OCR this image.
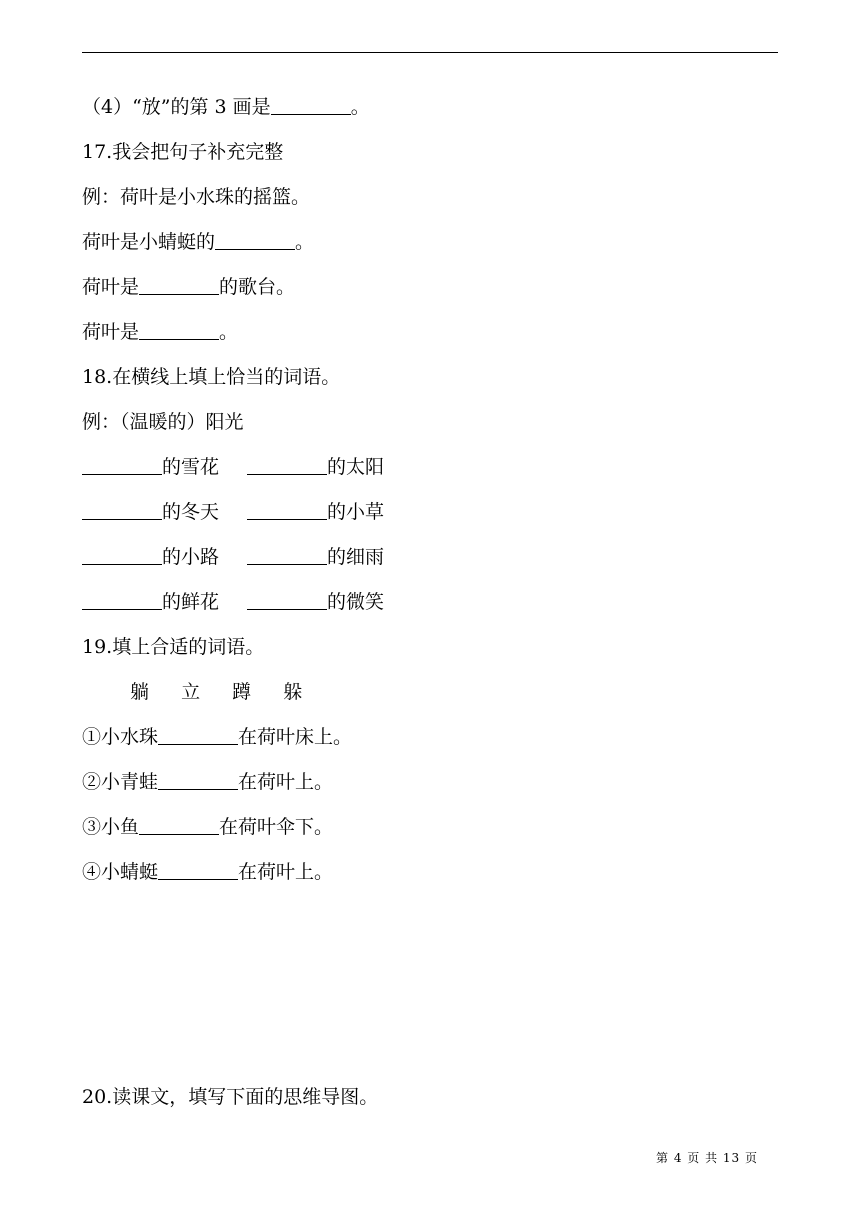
（4）“放”的第 3 画是	。
17.我会把句子补充完整
例：荷叶是小水珠的摇篮。
荷叶是小蜻蜓的	。
荷叶是	的歌台。
荷叶是	。
18.在横线上填上恰当的词语。
例：（温暖的）阳光
的雪花	的太阳
的冬天	的小草
的小路	的细雨
的鲜花	的微笑
19.填上合适的词语。
躺 立 蹲 躲
①小水珠	在荷叶床上。
②小青蛙	在荷叶上。
③小鱼	在荷叶伞下。
④小蜻蜓	在荷叶上。
20.读课文，填写下面的思维导图。
第 4 页 共 13 页
